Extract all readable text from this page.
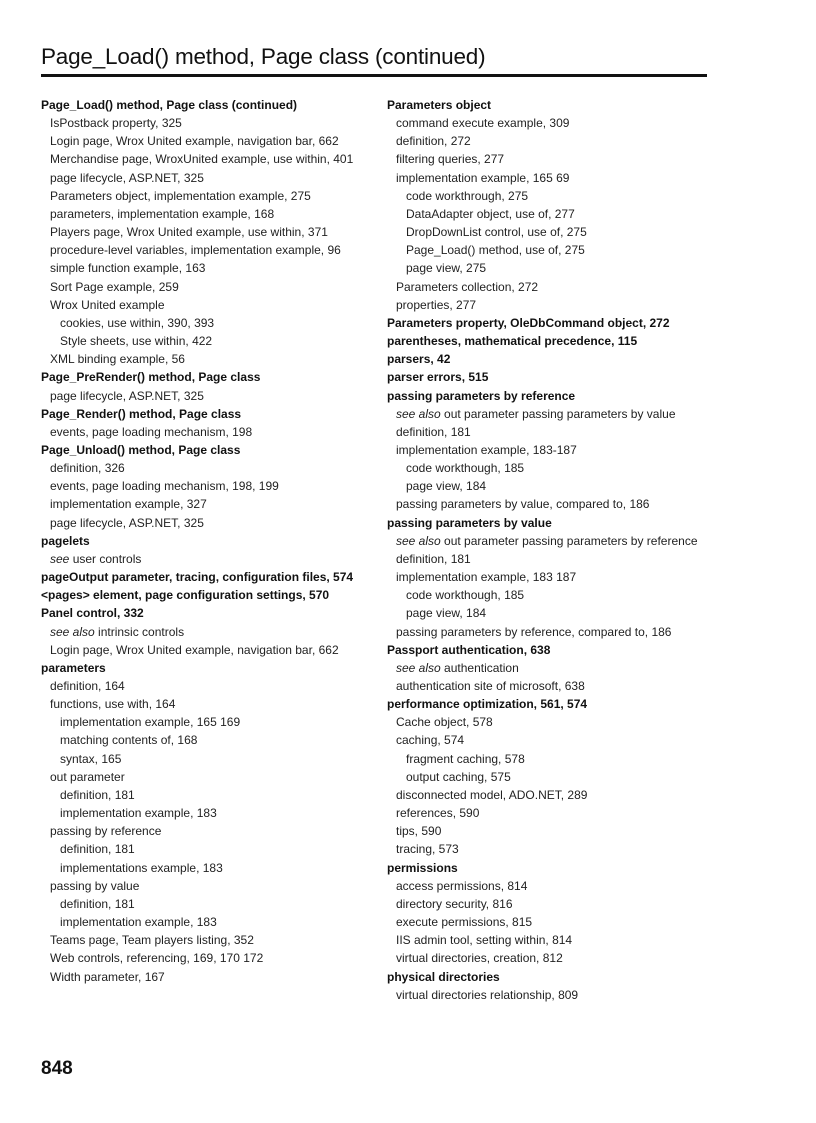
Page_Load() method, Page class (continued)
Page_Load() method, Page class (continued)
IsPostback property, 325
Login page, Wrox United example, navigation bar, 662
Merchandise page, WroxUnited example, use within, 401
page lifecycle, ASP.NET, 325
Parameters object, implementation example, 275
parameters, implementation example, 168
Players page, Wrox United example, use within, 371
procedure-level variables, implementation example, 96
simple function example, 163
Sort Page example, 259
Wrox United example
cookies, use within, 390, 393
Style sheets, use within, 422
XML binding example, 56
Page_PreRender() method, Page class
page lifecycle, ASP.NET, 325
Page_Render() method, Page class
events, page loading mechanism, 198
Page_Unload() method, Page class
definition, 326
events, page loading mechanism, 198, 199
implementation example, 327
page lifecycle, ASP.NET, 325
pagelets
see user controls
pageOutput parameter, tracing, configuration files, 574
<pages> element, page configuration settings, 570
Panel control, 332
see also intrinsic controls
Login page, Wrox United example, navigation bar, 662
parameters
definition, 164
functions, use with, 164
implementation example, 165 169
matching contents of, 168
syntax, 165
out parameter
definition, 181
implementation example, 183
passing by reference
definition, 181
implementations example, 183
passing by value
definition, 181
implementation example, 183
Teams page, Team players listing, 352
Web controls, referencing, 169, 170 172
Width parameter, 167
Parameters object
command execute example, 309
definition, 272
filtering queries, 277
implementation example, 165 69
code workthrough, 275
DataAdapter object, use of, 277
DropDownList control, use of, 275
Page_Load() method, use of, 275
page view, 275
Parameters collection, 272
properties, 277
Parameters property, OleDbCommand object, 272
parentheses, mathematical precedence, 115
parsers, 42
parser errors, 515
passing parameters by reference
see also out parameter passing parameters by value
definition, 181
implementation example, 183-187
code workthough, 185
page view, 184
passing parameters by value, compared to, 186
passing parameters by value
see also out parameter passing parameters by reference
definition, 181
implementation example, 183 187
code workthough, 185
page view, 184
passing parameters by reference, compared to, 186
Passport authentication, 638
see also authentication
authentication site of microsoft, 638
performance optimization, 561, 574
Cache object, 578
caching, 574
fragment caching, 578
output caching, 575
disconnected model, ADO.NET, 289
references, 590
tips, 590
tracing, 573
permissions
access permissions, 814
directory security, 816
execute permissions, 815
IIS admin tool, setting within, 814
virtual directories, creation, 812
physical directories
virtual directories relationship, 809
848
